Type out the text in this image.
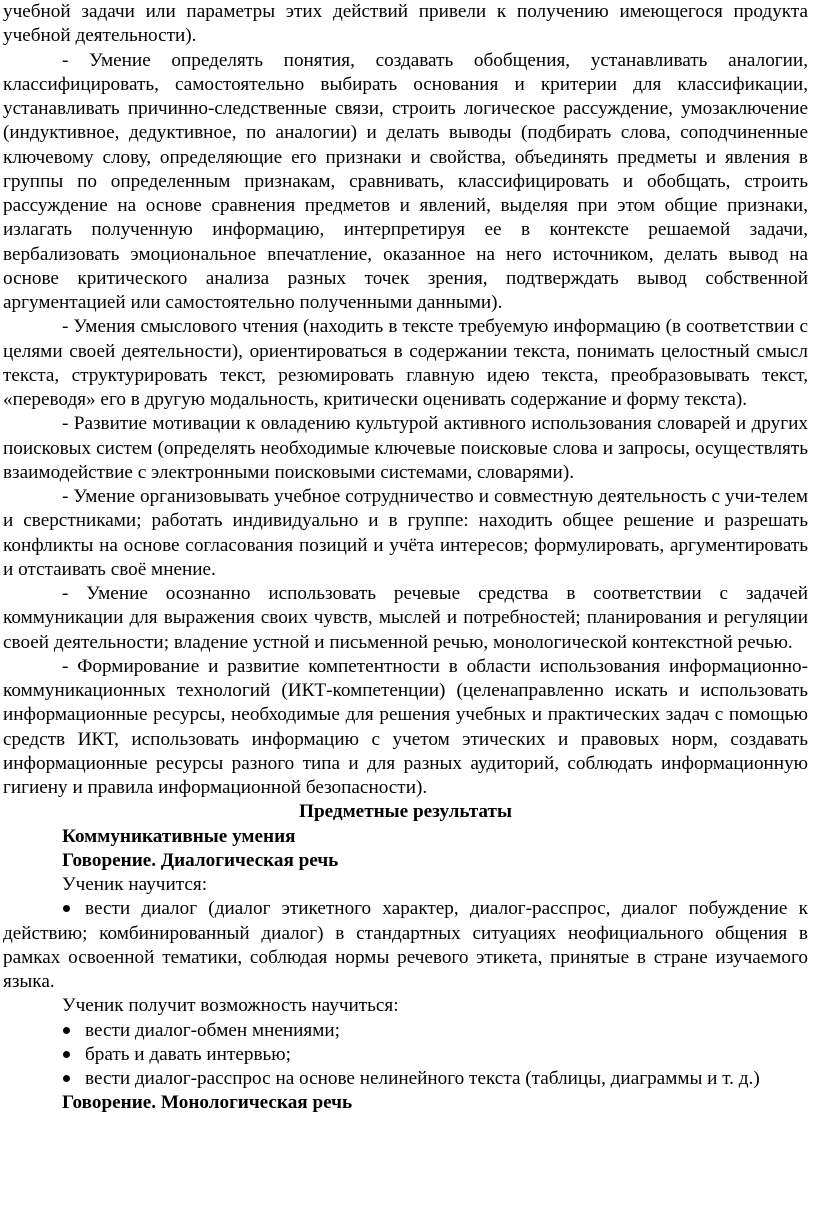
учебной задачи или параметры этих действий привели к получению имеющегося продукта учебной деятельности).

- Умение определять понятия, создавать обобщения, устанавливать аналогии, классифицировать, самостоятельно выбирать основания и критерии для классификации, устанавливать причинно-следственные связи, строить логическое рассуждение, умозаключение (индуктивное, дедуктивное, по аналогии) и делать выводы (подбирать слова, соподчиненные ключевому слову, определяющие его признаки и свойства, объединять предметы и явления в группы по определенным признакам, сравнивать, классифицировать и обобщать, строить рассуждение на основе сравнения предметов и явлений, выделяя при этом общие признаки, излагать полученную информацию, интерпретируя ее в контексте решаемой задачи, вербализовать эмоциональное впечатление, оказанное на него источником, делать вывод на основе критического анализа разных точек зрения, подтверждать вывод собственной аргументацией или самостоятельно полученными данными).

- Умения смыслового чтения (находить в тексте требуемую информацию (в соответствии с целями своей деятельности), ориентироваться в содержании текста, понимать целостный смысл текста, структурировать текст, резюмировать главную идею текста, преобразовывать текст, «переводя» его в другую модальность, критически оценивать содержание и форму текста).

- Развитие мотивации к овладению культурой активного использования словарей и других поисковых систем (определять необходимые ключевые поисковые слова и запросы, осуществлять взаимодействие с электронными поисковыми системами, словарями).

- Умение организовывать учебное сотрудничество и совместную деятельность с учи-телем и сверстниками; работать индивидуально и в группе: находить общее решение и разрешать конфликты на основе согласования позиций и учёта интересов; формулировать, аргументировать и отстаивать своё мнение.

- Умение осознанно использовать речевые средства в соответствии с задачей коммуникации для выражения своих чувств, мыслей и потребностей; планирования и регуляции своей деятельности; владение устной и письменной речью, монологической контекстной речью.

- Формирование и развитие компетентности в области использования информационно-коммуникационных технологий (ИКТ-компетенции) (целенаправленно искать и использовать информационные ресурсы, необходимые для решения учебных и практических задач с помощью средств ИКТ, использовать информацию с учетом этических и правовых норм, создавать информационные ресурсы разного типа и для разных аудиторий, соблюдать информационную гигиену и правила информационной безопасности).

Предметные результаты

Коммуникативные умения

Говорение. Диалогическая речь

Ученик научится:

вести диалог (диалог этикетного характер, диалог-расспрос, диалог побуждение к действию; комбинированный диалог) в стандартных ситуациях неофициального общения в рамках освоенной тематики, соблюдая нормы речевого этикета, принятые в стране изучаемого языка.

Ученик получит возможность научиться:

вести диалог-обмен мнениями;

брать и давать интервью;

вести диалог-расспрос на основе нелинейного текста (таблицы, диаграммы и т. д.)

Говорение. Монологическая речь
